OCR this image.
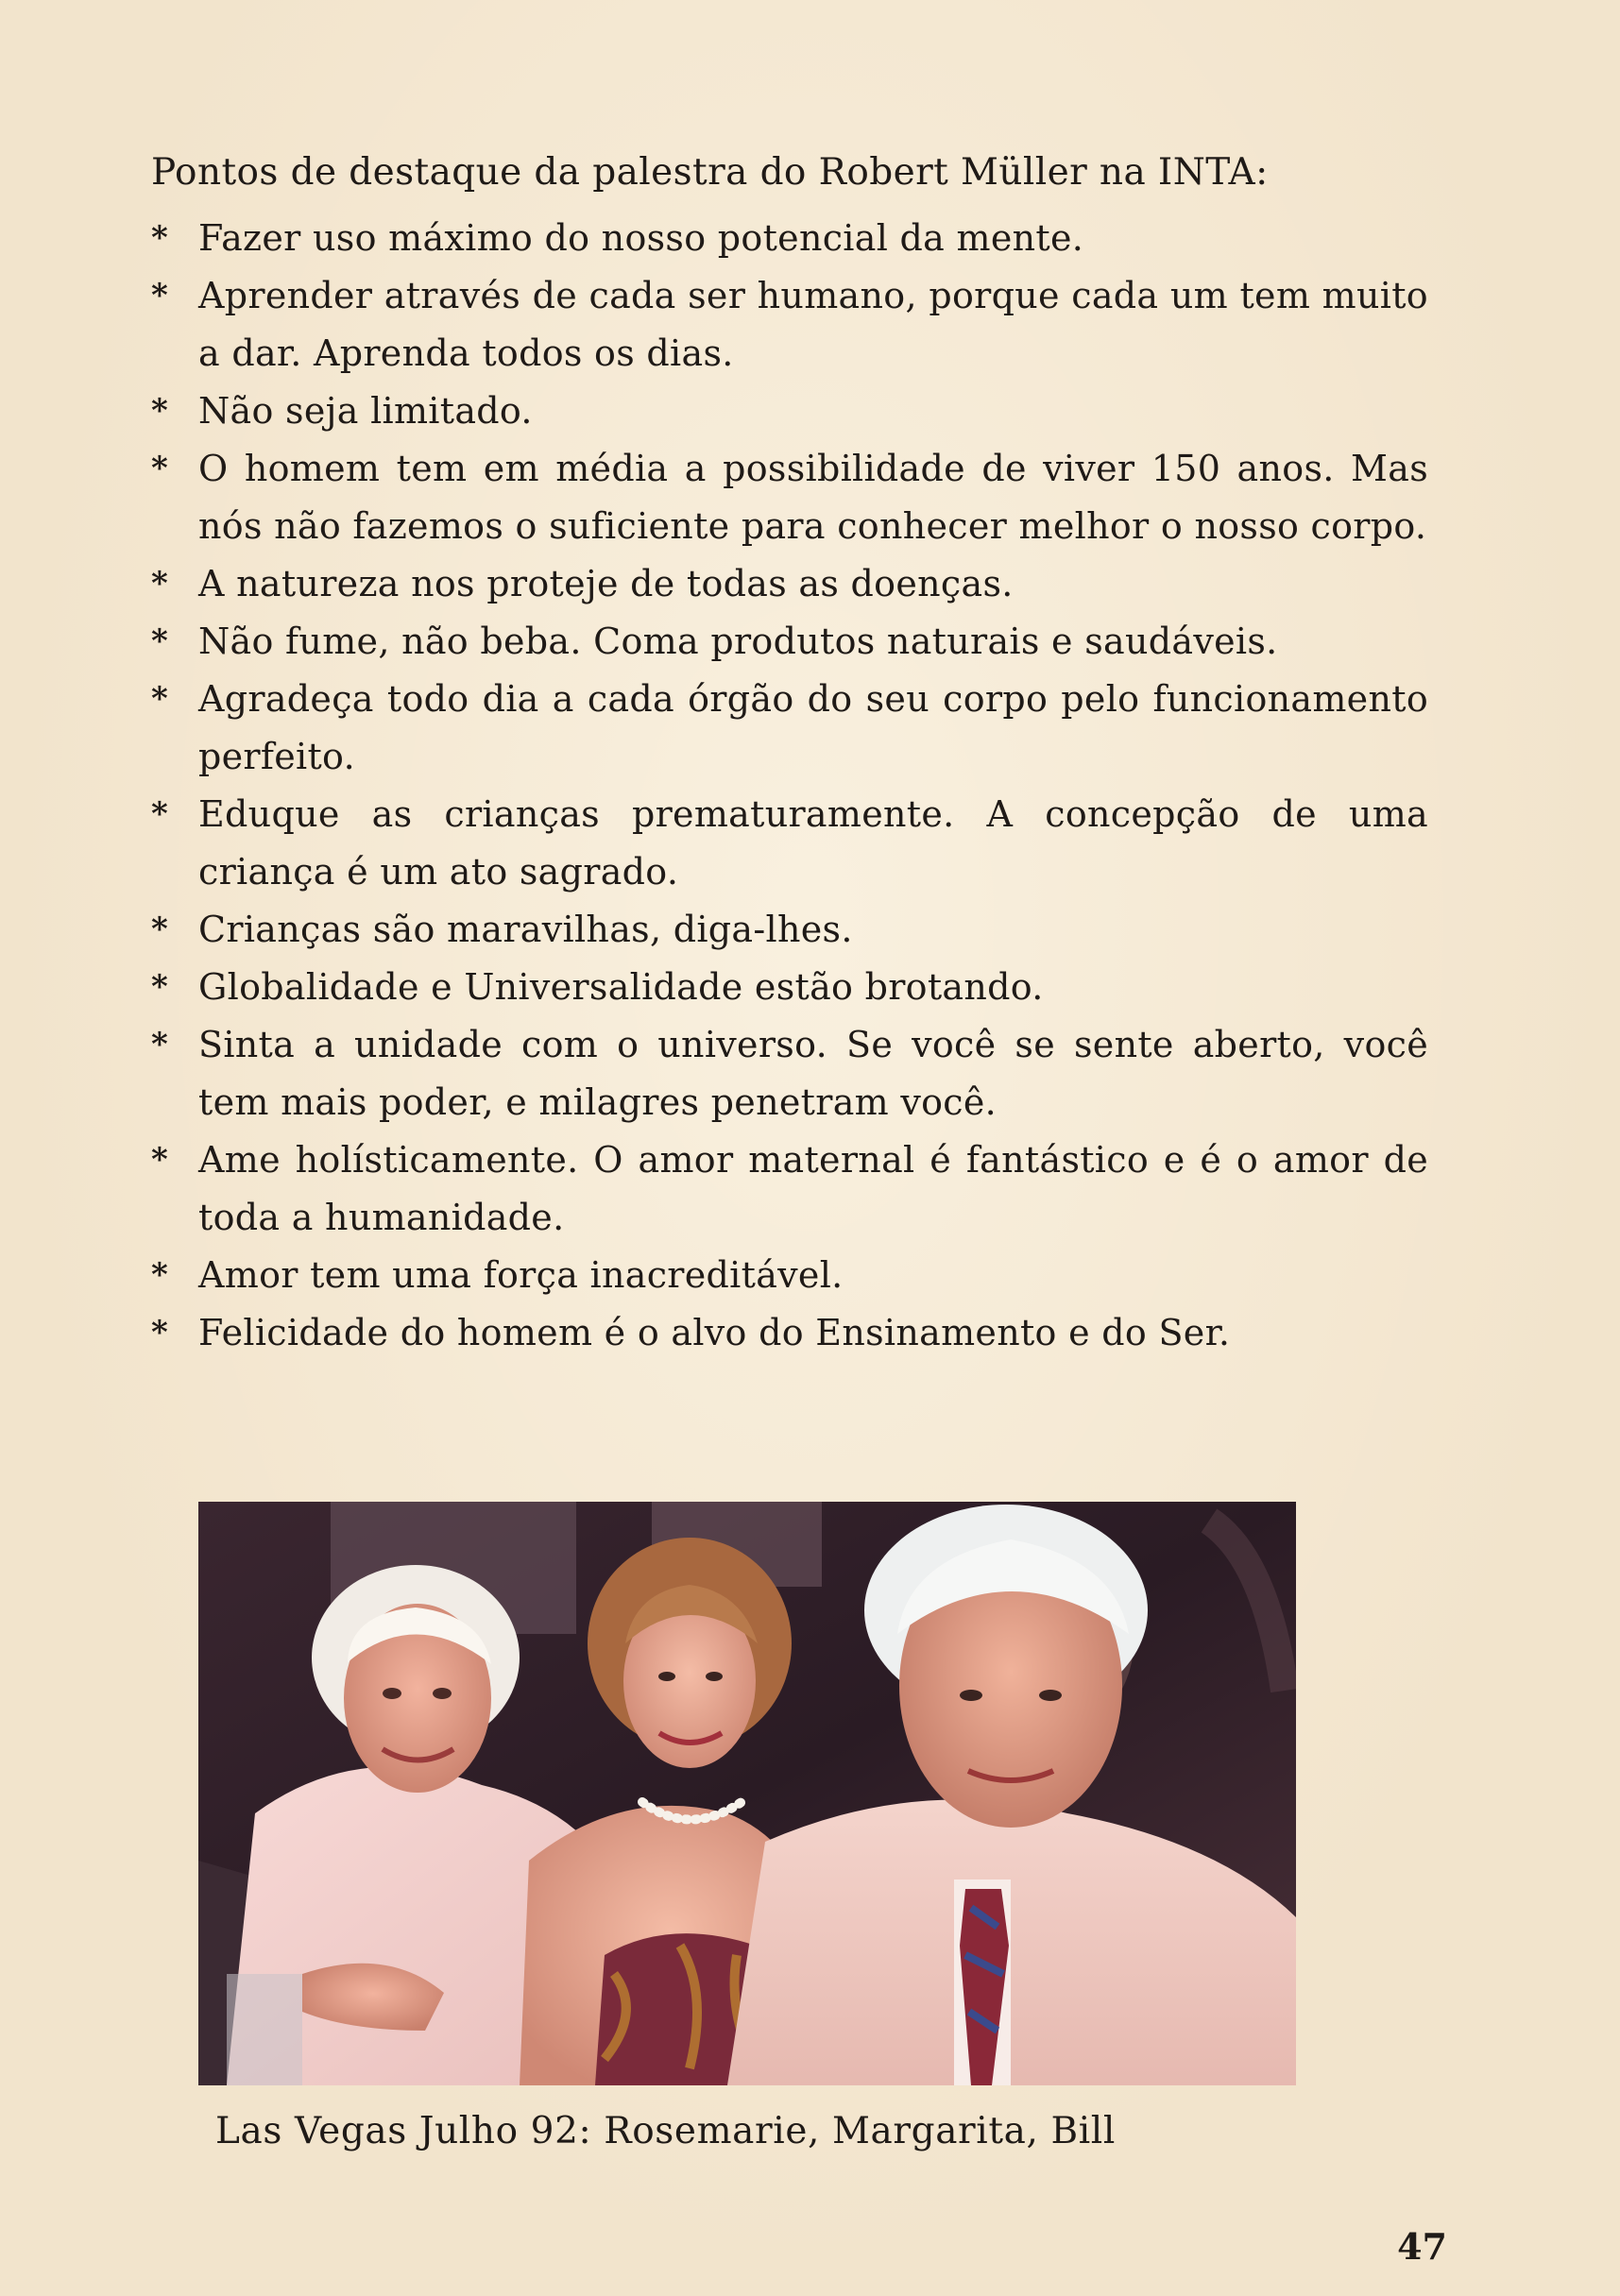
Pontos de destaque da palestra do Robert Müller na INTA:
* Fazer uso máximo do nosso potencial da mente.
* Aprender através de cada ser humano, porque cada um tem muito a dar. Aprenda todos os dias.
* Não seja limitado.
* O homem tem em média a possibilidade de viver 150 anos. Mas nós não fazemos o suficiente para conhecer melhor o nosso corpo.
* A natureza nos proteje de todas as doenças.
* Não fume, não beba. Coma produtos naturais e saudáveis.
* Agradeça todo dia a cada órgão do seu corpo pelo funcionamento perfeito.
* Eduque as crianças prematuramente. A concepção de uma criança é um ato sagrado.
* Crianças são maravilhas, diga-lhes.
* Globalidade e Universalidade estão brotando.
* Sinta a unidade com o universo. Se você se sente aberto, você tem mais poder, e milagres penetram você.
* Ame holísticamente. O amor maternal é fantástico e é o amor de toda a humanidade.
* Amor tem uma força inacreditável.
* Felicidade do homem é o alvo do Ensinamento e do Ser.
Las Vegas Julho 92: Rosemarie, Margarita, Bill
47
